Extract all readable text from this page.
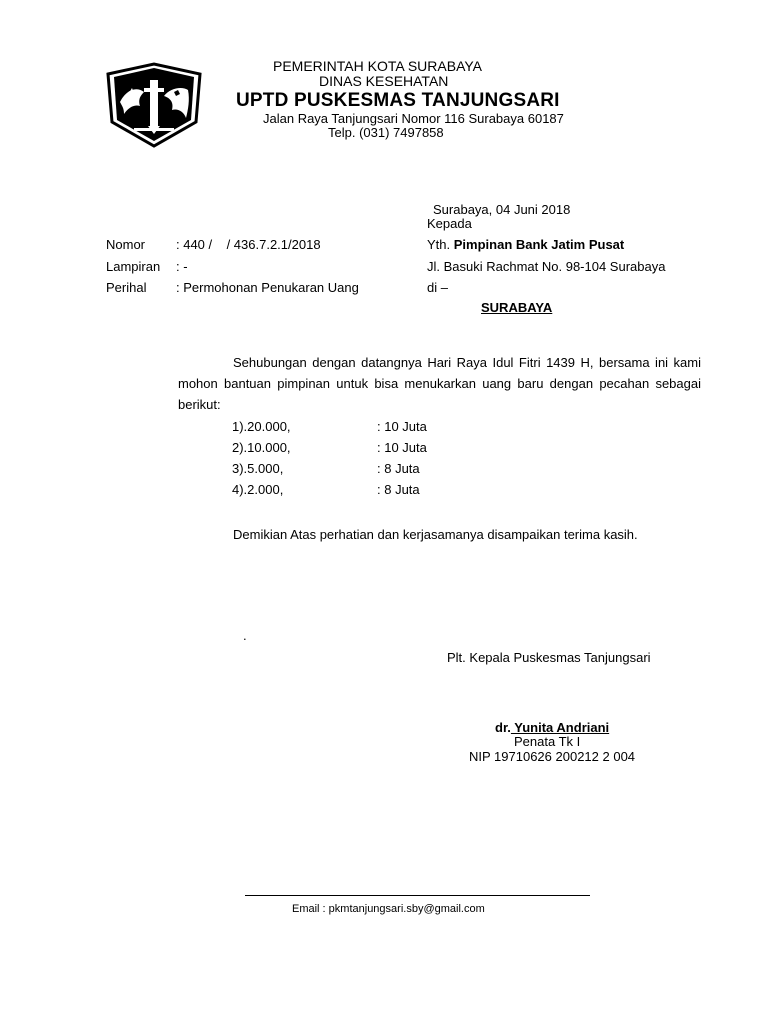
PEMERINTAH KOTA SURABAYA
DINAS KESEHATAN
UPTD PUSKESMAS TANJUNGSARI
Jalan Raya Tanjungsari Nomor 116 Surabaya 60187
Telp. (031) 7497858
Surabaya, 04 Juni 2018
Kepada
Nomor : 440 /    / 436.7.2.1/2018
Lampiran : -
Perihal : Permohonan Penukaran Uang
Yth. Pimpinan Bank Jatim Pusat
Jl. Basuki Rachmat No. 98-104 Surabaya
di –
SURABAYA
Sehubungan dengan datangnya Hari Raya Idul Fitri 1439 H, bersama ini kami mohon bantuan pimpinan untuk bisa menukarkan uang baru dengan pecahan sebagai berikut:
1).20.000,	: 10 Juta
2).10.000,	: 10 Juta
3).5.000,	: 8 Juta
4).2.000,	: 8 Juta
Demikian Atas perhatian dan kerjasamanya disampaikan terima kasih.
.
Plt. Kepala Puskesmas Tanjungsari
dr. Yunita Andriani
Penata Tk I
NIP 19710626 200212 2 004
Email : pkmtanjungsari.sby@gmail.com
